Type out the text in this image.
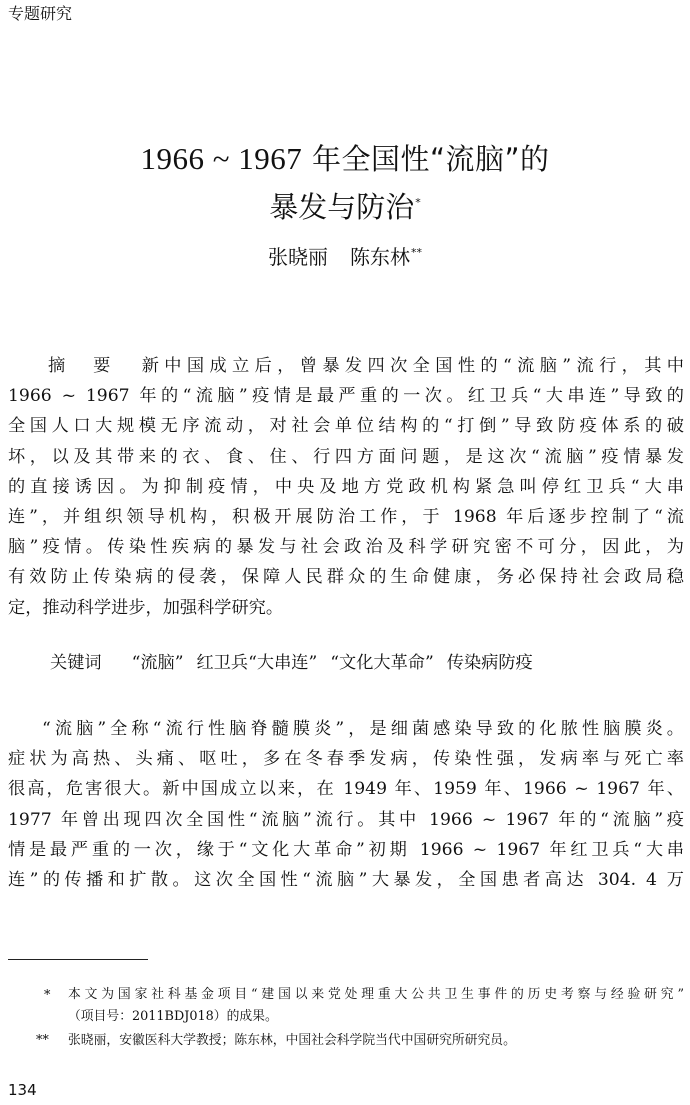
专题研究
1966 ~ 1967 年全国性“流脑”的
暴发与防治*
张晓丽 陈东林**
摘　要 新中国成立后，曾暴发四次全国性的“流脑”流行，其中
1966 ~ 1967 年的“流脑”疫情是最严重的一次。红卫兵“大串连”导致的
全国人口大规模无序流动，对社会单位结构的“打倒”导致防疫体系的破
坏，以及其带来的衣、食、住、行四方面问题，是这次“流脑”疫情暴发
的直接诱因。为抑制疫情，中央及地方党政机构紧急叫停红卫兵“大串
连”，并组织领导机构，积极开展防治工作，于 1968 年后逐步控制了“流
脑”疫情。传染性疾病的暴发与社会政治及科学研究密不可分，因此，为
有效防止传染病的侵袭，保障人民群众的生命健康，务必保持社会政局稳
定，推动科学进步，加强科学研究。
关键词 “流脑” 红卫兵“大串连” “文化大革命” 传染病防疫
“流脑”全称“流行性脑脊髓膜炎”，是细菌感染导致的化脓性脑膜炎。
症状为高热、头痛、呕吐，多在冬春季发病，传染性强，发病率与死亡率
很高，危害很大。新中国成立以来，在 1949 年、1959 年、1966 ~ 1967 年、
1977 年曾出现四次全国性“流脑”流行。其中 1966 ~ 1967 年的“流脑”疫
情是最严重的一次，缘于“文化大革命”初期 1966 ~ 1967 年红卫兵“大串
连”的传播和扩散。这次全国性“流脑”大暴发，全国患者高达 304. 4 万
* 本文为国家社科基金项目“建国以来党处理重大公共卫生事件的历史考察与经验研究”
（项目号：2011BDJ018）的成果。
** 张晓丽，安徽医科大学教授；陈东林，中国社会科学院当代中国研究所研究员。
134
